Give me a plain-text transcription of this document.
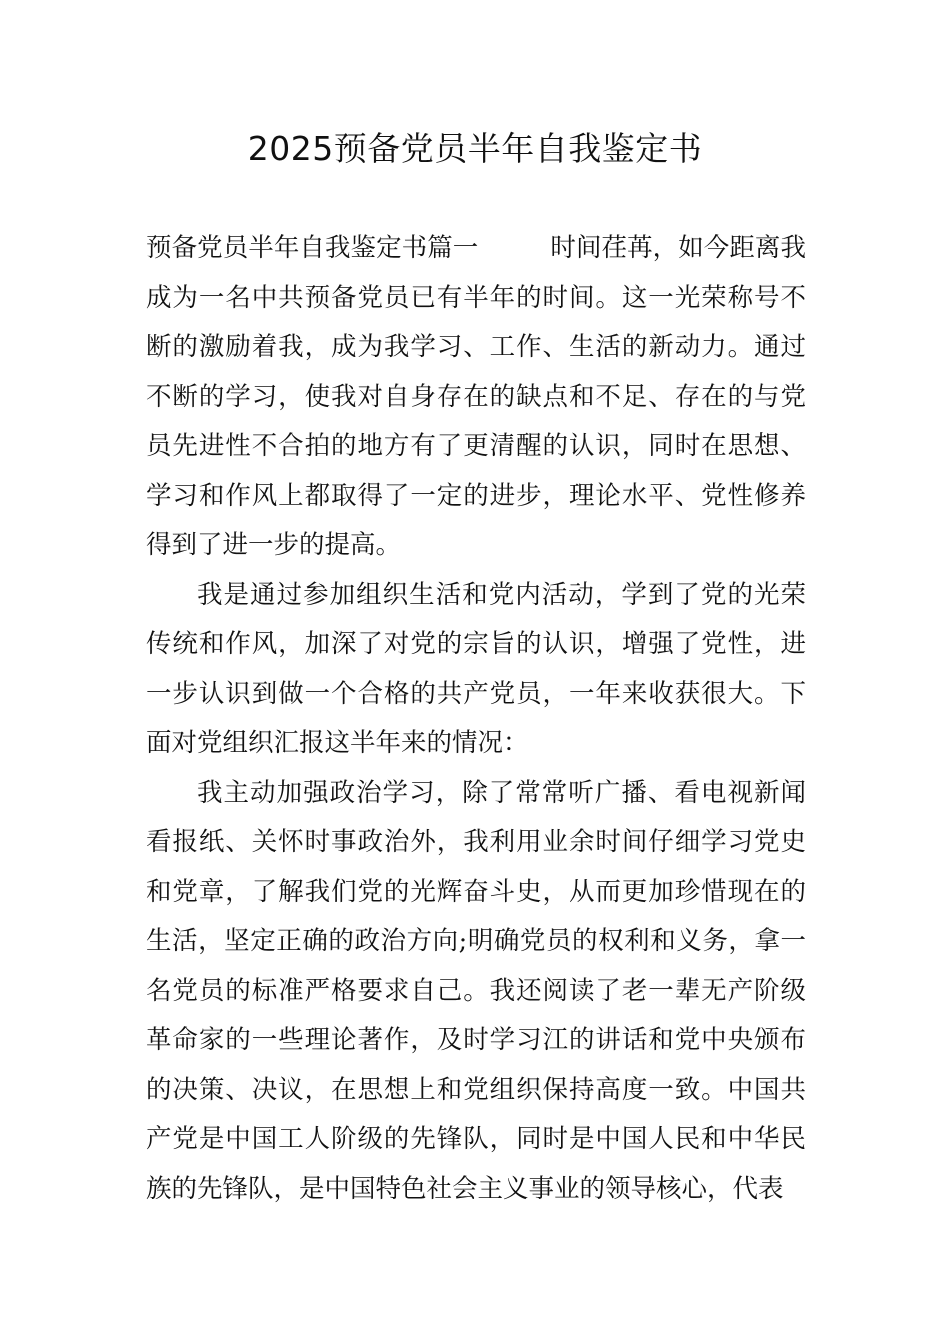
2025预备党员半年自我鉴定书

预备党员半年自我鉴定书篇一	时间荏苒，如今距离我成为一名中共预备党员已有半年的时间。这一光荣称号不断的激励着我，成为我学习、工作、生活的新动力。通过不断的学习，使我对自身存在的缺点和不足、存在的与党员先进性不合拍的地方有了更清醒的认识，同时在思想、学习和作风上都取得了一定的进步，理论水平、党性修养得到了进一步的提高。

我是通过参加组织生活和党内活动，学到了党的光荣传统和作风，加深了对党的宗旨的认识，增强了党性，进一步认识到做一个合格的共产党员，一年来收获很大。下面对党组织汇报这半年来的情况：

我主动加强政治学习，除了常常听广播、看电视新闻看报纸、关怀时事政治外，我利用业余时间仔细学习党史和党章，了解我们党的光辉奋斗史，从而更加珍惜现在的生活，坚定正确的政治方向;明确党员的权利和义务，拿一名党员的标准严格要求自己。我还阅读了老一辈无产阶级革命家的一些理论著作，及时学习江的讲话和党中央颁布的决策、决议，在思想上和党组织保持高度一致。中国共产党是中国工人阶级的先锋队，同时是中国人民和中华民族的先锋队，是中国特色社会主义事业的领导核心，代表
